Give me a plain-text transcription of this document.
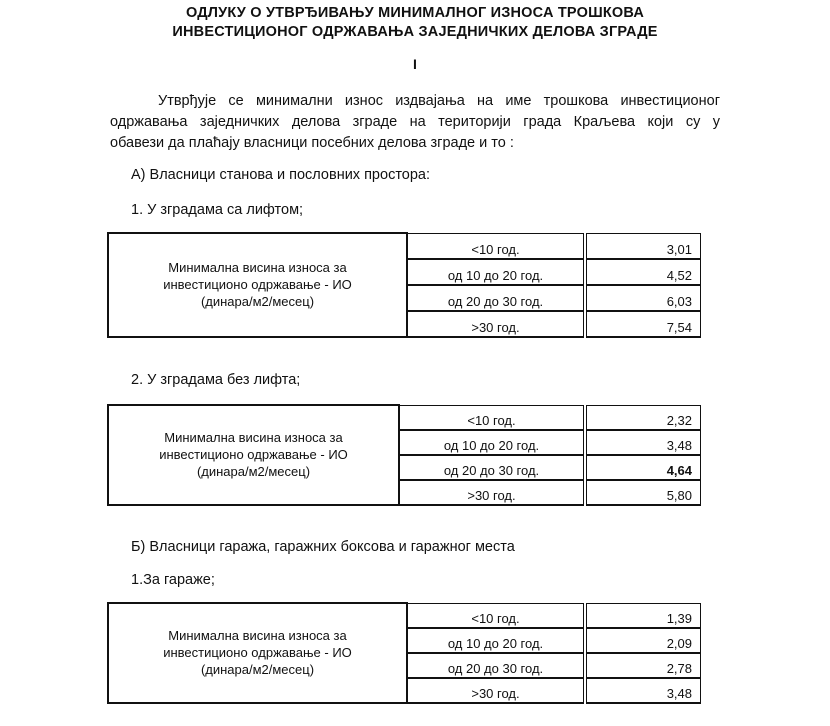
ОДЛУКУ О УТВРЂИВАЊУ МИНИМАЛНОГ ИЗНОСА ТРОШКОВА
ИНВЕСТИЦИОНОГ ОДРЖАВАЊА ЗАЈЕДНИЧКИХ ДЕЛОВА ЗГРАДЕ
I
Утврђује се минимални износ издвајања на име трошкова инвестиционог
одржавања заједничких делова зграде на територији града Краљева који су у
обавези да плаћају власници посебних делова зграде и то :
А) Власници станова и пословних простора:
1. У зградама са лифтом;
Минимална висина износа за
инвестиционо одржавање - ИО
(динара/м2/месец)	<10 год.		3,01
	од 10 до 20 год.		4,52
	од 20 до 30 год.		6,03
	>30 год.		7,54
2. У зградама без лифта;
Минимална висина износа за
инвестиционо одржавање - ИО
(динара/м2/месец)	<10 год.		2,32
	од 10 до 20 год.		3,48
	од 20 до 30 год.		4,64
	>30 год.		5,80
Б) Власници гаража, гаражних боксова и гаражног места
1.За гараже;
Минимална висина износа за
инвестиционо одржавање - ИО
(динара/м2/месец)	<10 год.		1,39
	од 10 до 20 год.		2,09
	од 20 до 30 год.		2,78
	>30 год.		3,48
